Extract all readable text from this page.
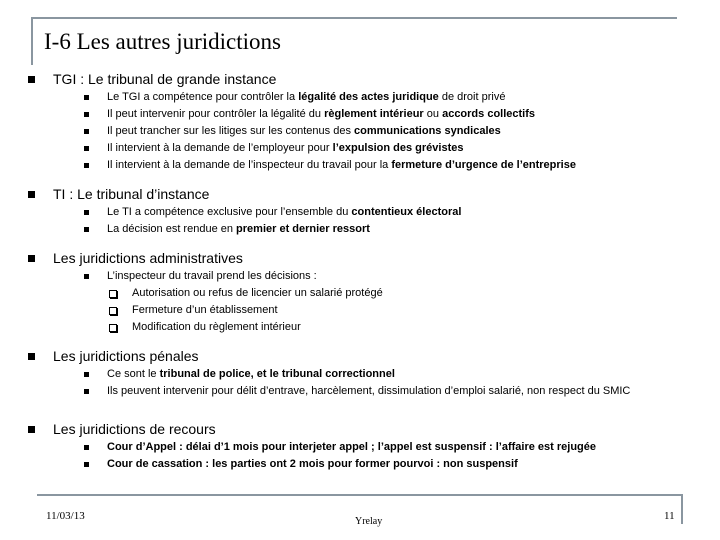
I-6 Les autres juridictions
TGI : Le tribunal de grande instance
Le TGI a compétence pour contrôler la légalité des actes juridique de droit privé
Il peut intervenir pour contrôler la légalité du règlement intérieur ou accords collectifs
Il peut trancher sur les litiges sur les contenus des communications syndicales
Il intervient à la demande de l’employeur pour l’expulsion des grévistes
Il intervient à la demande de l’inspecteur du travail pour la fermeture d’urgence de l’entreprise
TI : Le tribunal d’instance
Le TI a compétence exclusive pour l’ensemble du contentieux électoral
La décision est rendue en premier et dernier ressort
Les juridictions administratives
L’inspecteur du travail prend les décisions :
Autorisation ou refus de licencier un salarié protégé
Fermeture d’un établissement
Modification du règlement intérieur
Les juridictions pénales
Ce sont le tribunal de police, et le tribunal correctionnel
Ils peuvent intervenir pour délit d’entrave, harcèlement, dissimulation d’emploi salarié, non respect du SMIC
Les juridictions de recours
Cour d’Appel : délai d’1 mois pour interjeter appel ; l’appel est suspensif : l’affaire est rejugée
Cour de cassation : les parties ont 2 mois pour former pourvoi : non suspensif
11/03/13	Yrelay	11
